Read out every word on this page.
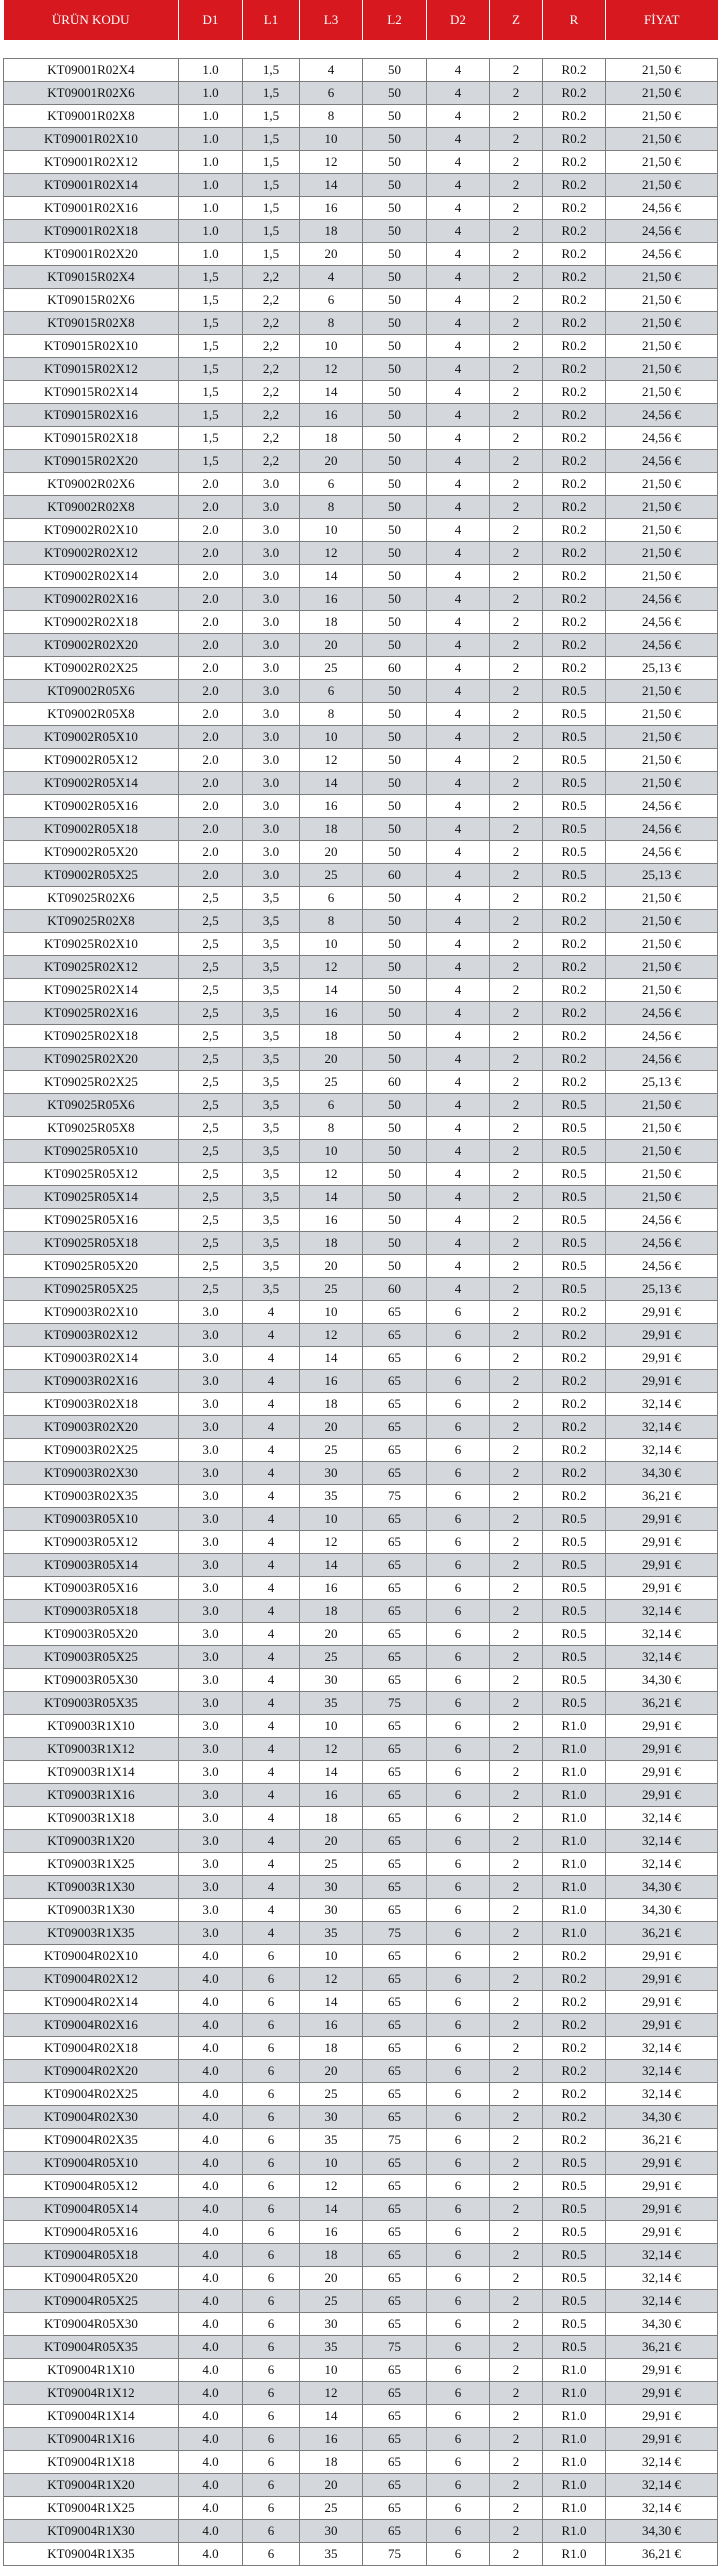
ÜRÜN KODU	D1	L1	L3	L2	D2	Z	R	FİYAT

KT09001R02X4	1.0	1,5	4	50	4	2	R0.2	21,50 €
KT09001R02X6	1.0	1,5	6	50	4	2	R0.2	21,50 €
KT09001R02X8	1.0	1,5	8	50	4	2	R0.2	21,50 €
KT09001R02X10	1.0	1,5	10	50	4	2	R0.2	21,50 €
KT09001R02X12	1.0	1,5	12	50	4	2	R0.2	21,50 €
KT09001R02X14	1.0	1,5	14	50	4	2	R0.2	21,50 €
KT09001R02X16	1.0	1,5	16	50	4	2	R0.2	24,56 €
KT09001R02X18	1.0	1,5	18	50	4	2	R0.2	24,56 €
KT09001R02X20	1.0	1,5	20	50	4	2	R0.2	24,56 €
KT09015R02X4	1,5	2,2	4	50	4	2	R0.2	21,50 €
KT09015R02X6	1,5	2,2	6	50	4	2	R0.2	21,50 €
KT09015R02X8	1,5	2,2	8	50	4	2	R0.2	21,50 €
KT09015R02X10	1,5	2,2	10	50	4	2	R0.2	21,50 €
KT09015R02X12	1,5	2,2	12	50	4	2	R0.2	21,50 €
KT09015R02X14	1,5	2,2	14	50	4	2	R0.2	21,50 €
KT09015R02X16	1,5	2,2	16	50	4	2	R0.2	24,56 €
KT09015R02X18	1,5	2,2	18	50	4	2	R0.2	24,56 €
KT09015R02X20	1,5	2,2	20	50	4	2	R0.2	24,56 €
KT09002R02X6	2.0	3.0	6	50	4	2	R0.2	21,50 €
KT09002R02X8	2.0	3.0	8	50	4	2	R0.2	21,50 €
KT09002R02X10	2.0	3.0	10	50	4	2	R0.2	21,50 €
KT09002R02X12	2.0	3.0	12	50	4	2	R0.2	21,50 €
KT09002R02X14	2.0	3.0	14	50	4	2	R0.2	21,50 €
KT09002R02X16	2.0	3.0	16	50	4	2	R0.2	24,56 €
KT09002R02X18	2.0	3.0	18	50	4	2	R0.2	24,56 €
KT09002R02X20	2.0	3.0	20	50	4	2	R0.2	24,56 €
KT09002R02X25	2.0	3.0	25	60	4	2	R0.2	25,13 €
KT09002R05X6	2.0	3.0	6	50	4	2	R0.5	21,50 €
KT09002R05X8	2.0	3.0	8	50	4	2	R0.5	21,50 €
KT09002R05X10	2.0	3.0	10	50	4	2	R0.5	21,50 €
KT09002R05X12	2.0	3.0	12	50	4	2	R0.5	21,50 €
KT09002R05X14	2.0	3.0	14	50	4	2	R0.5	21,50 €
KT09002R05X16	2.0	3.0	16	50	4	2	R0.5	24,56 €
KT09002R05X18	2.0	3.0	18	50	4	2	R0.5	24,56 €
KT09002R05X20	2.0	3.0	20	50	4	2	R0.5	24,56 €
KT09002R05X25	2.0	3.0	25	60	4	2	R0.5	25,13 €
KT09025R02X6	2,5	3,5	6	50	4	2	R0.2	21,50 €
KT09025R02X8	2,5	3,5	8	50	4	2	R0.2	21,50 €
KT09025R02X10	2,5	3,5	10	50	4	2	R0.2	21,50 €
KT09025R02X12	2,5	3,5	12	50	4	2	R0.2	21,50 €
KT09025R02X14	2,5	3,5	14	50	4	2	R0.2	21,50 €
KT09025R02X16	2,5	3,5	16	50	4	2	R0.2	24,56 €
KT09025R02X18	2,5	3,5	18	50	4	2	R0.2	24,56 €
KT09025R02X20	2,5	3,5	20	50	4	2	R0.2	24,56 €
KT09025R02X25	2,5	3,5	25	60	4	2	R0.2	25,13 €
KT09025R05X6	2,5	3,5	6	50	4	2	R0.5	21,50 €
KT09025R05X8	2,5	3,5	8	50	4	2	R0.5	21,50 €
KT09025R05X10	2,5	3,5	10	50	4	2	R0.5	21,50 €
KT09025R05X12	2,5	3,5	12	50	4	2	R0.5	21,50 €
KT09025R05X14	2,5	3,5	14	50	4	2	R0.5	21,50 €
KT09025R05X16	2,5	3,5	16	50	4	2	R0.5	24,56 €
KT09025R05X18	2,5	3,5	18	50	4	2	R0.5	24,56 €
KT09025R05X20	2,5	3,5	20	50	4	2	R0.5	24,56 €
KT09025R05X25	2,5	3,5	25	60	4	2	R0.5	25,13 €
KT09003R02X10	3.0	4	10	65	6	2	R0.2	29,91 €
KT09003R02X12	3.0	4	12	65	6	2	R0.2	29,91 €
KT09003R02X14	3.0	4	14	65	6	2	R0.2	29,91 €
KT09003R02X16	3.0	4	16	65	6	2	R0.2	29,91 €
KT09003R02X18	3.0	4	18	65	6	2	R0.2	32,14 €
KT09003R02X20	3.0	4	20	65	6	2	R0.2	32,14 €
KT09003R02X25	3.0	4	25	65	6	2	R0.2	32,14 €
KT09003R02X30	3.0	4	30	65	6	2	R0.2	34,30 €
KT09003R02X35	3.0	4	35	75	6	2	R0.2	36,21 €
KT09003R05X10	3.0	4	10	65	6	2	R0.5	29,91 €
KT09003R05X12	3.0	4	12	65	6	2	R0.5	29,91 €
KT09003R05X14	3.0	4	14	65	6	2	R0.5	29,91 €
KT09003R05X16	3.0	4	16	65	6	2	R0.5	29,91 €
KT09003R05X18	3.0	4	18	65	6	2	R0.5	32,14 €
KT09003R05X20	3.0	4	20	65	6	2	R0.5	32,14 €
KT09003R05X25	3.0	4	25	65	6	2	R0.5	32,14 €
KT09003R05X30	3.0	4	30	65	6	2	R0.5	34,30 €
KT09003R05X35	3.0	4	35	75	6	2	R0.5	36,21 €
KT09003R1X10	3.0	4	10	65	6	2	R1.0	29,91 €
KT09003R1X12	3.0	4	12	65	6	2	R1.0	29,91 €
KT09003R1X14	3.0	4	14	65	6	2	R1.0	29,91 €
KT09003R1X16	3.0	4	16	65	6	2	R1.0	29,91 €
KT09003R1X18	3.0	4	18	65	6	2	R1.0	32,14 €
KT09003R1X20	3.0	4	20	65	6	2	R1.0	32,14 €
KT09003R1X25	3.0	4	25	65	6	2	R1.0	32,14 €
KT09003R1X30	3.0	4	30	65	6	2	R1.0	34,30 €
KT09003R1X30	3.0	4	30	65	6	2	R1.0	34,30 €
KT09003R1X35	3.0	4	35	75	6	2	R1.0	36,21 €
KT09004R02X10	4.0	6	10	65	6	2	R0.2	29,91 €
KT09004R02X12	4.0	6	12	65	6	2	R0.2	29,91 €
KT09004R02X14	4.0	6	14	65	6	2	R0.2	29,91 €
KT09004R02X16	4.0	6	16	65	6	2	R0.2	29,91 €
KT09004R02X18	4.0	6	18	65	6	2	R0.2	32,14 €
KT09004R02X20	4.0	6	20	65	6	2	R0.2	32,14 €
KT09004R02X25	4.0	6	25	65	6	2	R0.2	32,14 €
KT09004R02X30	4.0	6	30	65	6	2	R0.2	34,30 €
KT09004R02X35	4.0	6	35	75	6	2	R0.2	36,21 €
KT09004R05X10	4.0	6	10	65	6	2	R0.5	29,91 €
KT09004R05X12	4.0	6	12	65	6	2	R0.5	29,91 €
KT09004R05X14	4.0	6	14	65	6	2	R0.5	29,91 €
KT09004R05X16	4.0	6	16	65	6	2	R0.5	29,91 €
KT09004R05X18	4.0	6	18	65	6	2	R0.5	32,14 €
KT09004R05X20	4.0	6	20	65	6	2	R0.5	32,14 €
KT09004R05X25	4.0	6	25	65	6	2	R0.5	32,14 €
KT09004R05X30	4.0	6	30	65	6	2	R0.5	34,30 €
KT09004R05X35	4.0	6	35	75	6	2	R0.5	36,21 €
KT09004R1X10	4.0	6	10	65	6	2	R1.0	29,91 €
KT09004R1X12	4.0	6	12	65	6	2	R1.0	29,91 €
KT09004R1X14	4.0	6	14	65	6	2	R1.0	29,91 €
KT09004R1X16	4.0	6	16	65	6	2	R1.0	29,91 €
KT09004R1X18	4.0	6	18	65	6	2	R1.0	32,14 €
KT09004R1X20	4.0	6	20	65	6	2	R1.0	32,14 €
KT09004R1X25	4.0	6	25	65	6	2	R1.0	32,14 €
KT09004R1X30	4.0	6	30	65	6	2	R1.0	34,30 €
KT09004R1X35	4.0	6	35	75	6	2	R1.0	36,21 €
